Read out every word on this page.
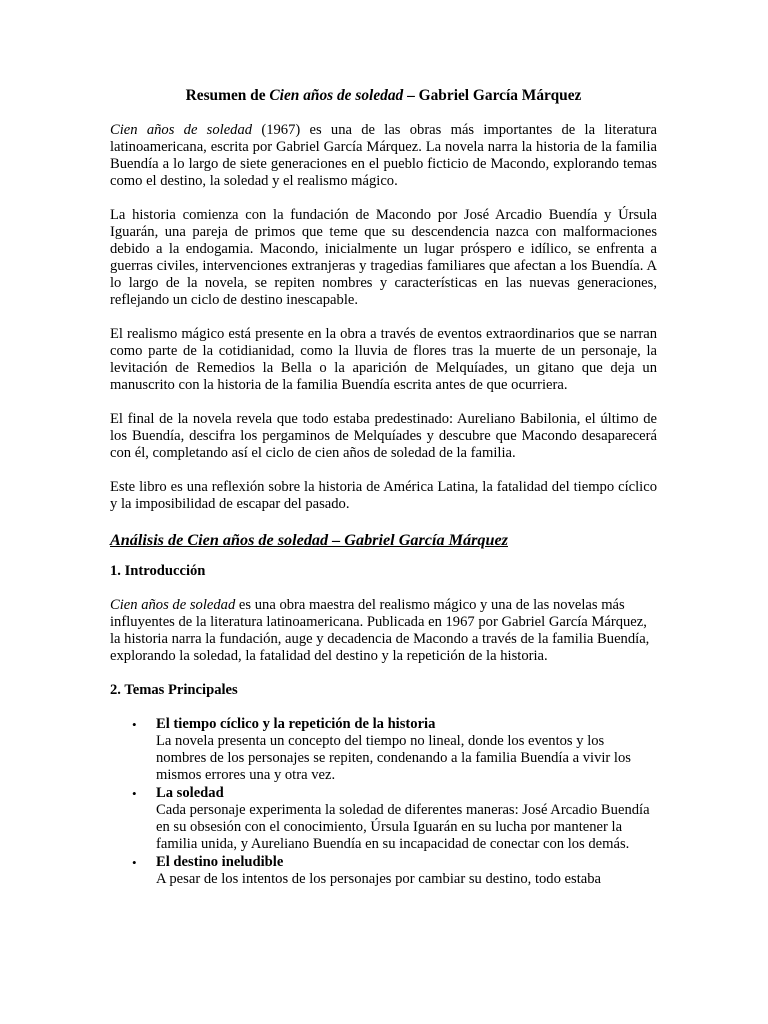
Resumen de Cien años de soledad – Gabriel García Márquez

Cien años de soledad (1967) es una de las obras más importantes de la literatura latinoamericana, escrita por Gabriel García Márquez. La novela narra la historia de la familia Buendía a lo largo de siete generaciones en el pueblo ficticio de Macondo, explorando temas como el destino, la soledad y el realismo mágico.

La historia comienza con la fundación de Macondo por José Arcadio Buendía y Úrsula Iguarán, una pareja de primos que teme que su descendencia nazca con malformaciones debido a la endogamia. Macondo, inicialmente un lugar próspero e idílico, se enfrenta a guerras civiles, intervenciones extranjeras y tragedias familiares que afectan a los Buendía. A lo largo de la novela, se repiten nombres y características en las nuevas generaciones, reflejando un ciclo de destino inescapable.

El realismo mágico está presente en la obra a través de eventos extraordinarios que se narran como parte de la cotidianidad, como la lluvia de flores tras la muerte de un personaje, la levitación de Remedios la Bella o la aparición de Melquíades, un gitano que deja un manuscrito con la historia de la familia Buendía escrita antes de que ocurriera.

El final de la novela revela que todo estaba predestinado: Aureliano Babilonia, el último de los Buendía, descifra los pergaminos de Melquíades y descubre que Macondo desaparecerá con él, completando así el ciclo de cien años de soledad de la familia.

Este libro es una reflexión sobre la historia de América Latina, la fatalidad del tiempo cíclico y la imposibilidad de escapar del pasado.

Análisis de Cien años de soledad – Gabriel García Márquez
1. Introducción

Cien años de soledad es una obra maestra del realismo mágico y una de las novelas más influyentes de la literatura latinoamericana. Publicada en 1967 por Gabriel García Márquez, la historia narra la fundación, auge y decadencia de Macondo a través de la familia Buendía, explorando la soledad, la fatalidad del destino y la repetición de la historia.

2. Temas Principales
• El tiempo cíclico y la repetición de la historia
La novela presenta un concepto del tiempo no lineal, donde los eventos y los nombres de los personajes se repiten, condenando a la familia Buendía a vivir los mismos errores una y otra vez.
• La soledad
Cada personaje experimenta la soledad de diferentes maneras: José Arcadio Buendía en su obsesión con el conocimiento, Úrsula Iguarán en su lucha por mantener la familia unida, y Aureliano Buendía en su incapacidad de conectar con los demás.
• El destino ineludible
A pesar de los intentos de los personajes por cambiar su destino, todo estaba
